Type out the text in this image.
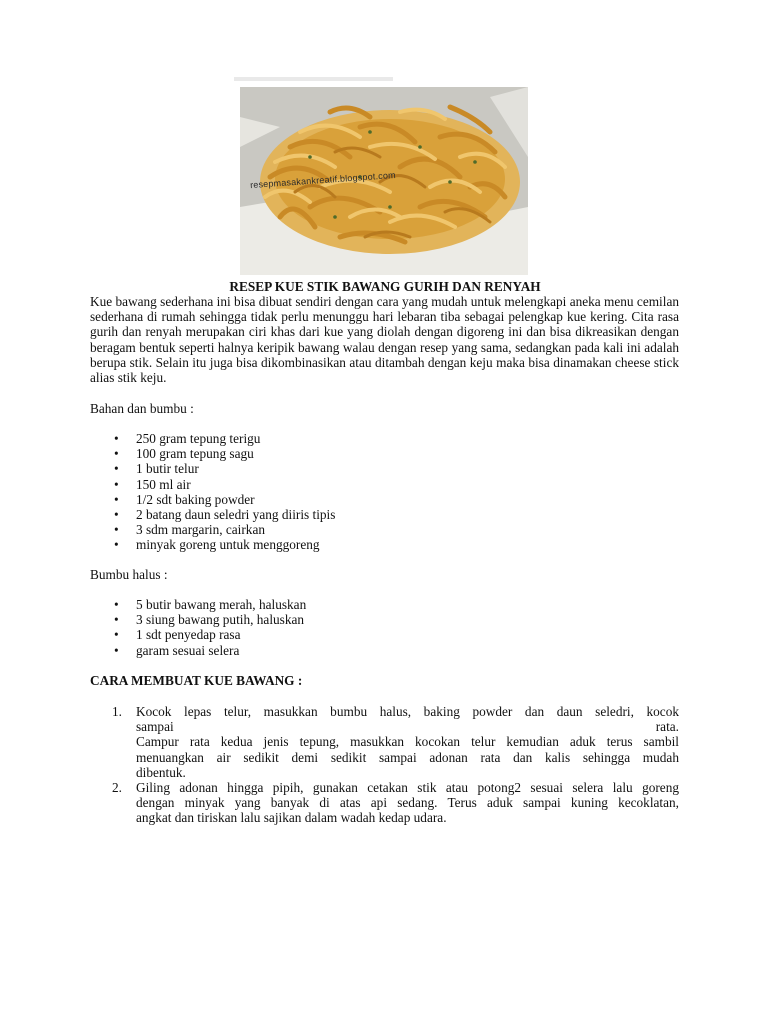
resepmasakankreatif.blogspot.com
RESEP KUE STIK BAWANG GURIH DAN RENYAH

Kue bawang sederhana ini bisa dibuat sendiri dengan cara yang mudah untuk melengkapi aneka menu cemilan sederhana di rumah sehingga tidak perlu menunggu hari lebaran tiba sebagai pelengkap kue kering. Cita rasa gurih dan renyah merupakan ciri khas dari kue yang diolah dengan digoreng ini dan bisa dikreasikan dengan beragam bentuk seperti halnya keripik bawang walau dengan resep yang sama, sedangkan pada kali ini adalah berupa stik. Selain itu juga bisa dikombinasikan atau ditambah dengan keju maka bisa dinamakan cheese stick alias stik keju.

Bahan dan bumbu :

• 250 gram tepung terigu
• 100 gram tepung sagu
• 1 butir telur
• 150 ml air
• 1/2 sdt baking powder
• 2 batang daun seledri yang diiris tipis
• 3 sdm margarin, cairkan
• minyak goreng untuk menggoreng

Bumbu halus :

• 5 butir bawang merah, haluskan
• 3 siung bawang putih, haluskan
• 1 sdt penyedap rasa
• garam sesuai selera

CARA MEMBUAT KUE BAWANG :

1. Kocok lepas telur, masukkan bumbu halus, baking powder dan daun seledri, kocok
sampai	rata.
Campur rata kedua jenis tepung, masukkan kocokan telur kemudian aduk terus sambil
menuangkan air sedikit demi sedikit sampai adonan rata dan kalis sehingga mudah
dibentuk.
2. Giling adonan hingga pipih, gunakan cetakan stik atau potong2 sesuai selera lalu goreng
dengan minyak yang banyak di atas api sedang. Terus aduk sampai kuning kecoklatan,
angkat dan tiriskan lalu sajikan dalam wadah kedap udara.
